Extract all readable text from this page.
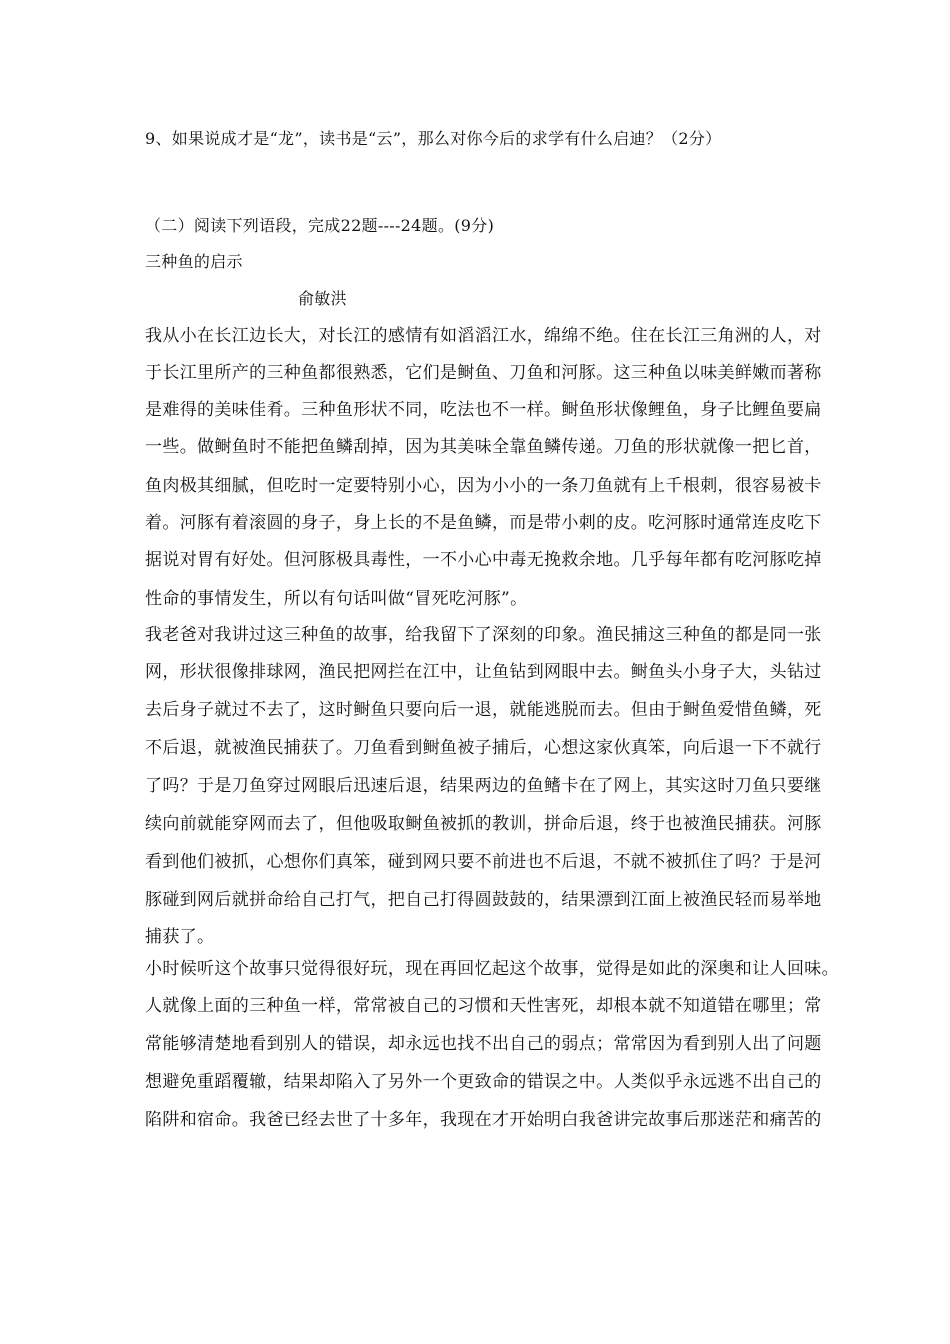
9、如果说成才是“龙”，读书是“云”，那么对你今后的求学有什么启迪？（2分）
（二）阅读下列语段，完成22题----24题。(9分)
三种鱼的启示
俞敏洪
我从小在长江边长大，对长江的感情有如滔滔江水，绵绵不绝。住在长江三角洲的人，对
于长江里所产的三种鱼都很熟悉，它们是鲥鱼、刀鱼和河豚。这三种鱼以味美鲜嫩而著称
是难得的美味佳肴。三种鱼形状不同，吃法也不一样。鲥鱼形状像鲤鱼，身子比鲤鱼要扁
一些。做鲥鱼时不能把鱼鳞刮掉，因为其美味全靠鱼鳞传递。刀鱼的形状就像一把匕首，
鱼肉极其细腻，但吃时一定要特别小心，因为小小的一条刀鱼就有上千根刺，很容易被卡
着。河豚有着滚圆的身子，身上长的不是鱼鳞，而是带小刺的皮。吃河豚时通常连皮吃下
据说对胃有好处。但河豚极具毒性，一不小心中毒无挽救余地。几乎每年都有吃河豚吃掉
性命的事情发生，所以有句话叫做“冒死吃河豚”。
我老爸对我讲过这三种鱼的故事，给我留下了深刻的印象。渔民捕这三种鱼的都是同一张
网，形状很像排球网，渔民把网拦在江中，让鱼钻到网眼中去。鲥鱼头小身子大，头钻过
去后身子就过不去了，这时鲥鱼只要向后一退，就能逃脱而去。但由于鲥鱼爱惜鱼鳞，死
不后退，就被渔民捕获了。刀鱼看到鲥鱼被子捕后，心想这家伙真笨，向后退一下不就行
了吗？于是刀鱼穿过网眼后迅速后退，结果两边的鱼鳍卡在了网上，其实这时刀鱼只要继
续向前就能穿网而去了，但他吸取鲥鱼被抓的教训，拼命后退，终于也被渔民捕获。河豚
看到他们被抓，心想你们真笨，碰到网只要不前进也不后退，不就不被抓住了吗？于是河
豚碰到网后就拼命给自己打气，把自己打得圆鼓鼓的，结果漂到江面上被渔民轻而易举地
捕获了。
小时候听这个故事只觉得很好玩，现在再回忆起这个故事，觉得是如此的深奥和让人回味。
人就像上面的三种鱼一样，常常被自己的习惯和天性害死，却根本就不知道错在哪里；常
常能够清楚地看到别人的错误，却永远也找不出自己的弱点；常常因为看到别人出了问题
想避免重蹈覆辙，结果却陷入了另外一个更致命的错误之中。人类似乎永远逃不出自己的
陷阱和宿命。我爸已经去世了十多年，我现在才开始明白我爸讲完故事后那迷茫和痛苦的
